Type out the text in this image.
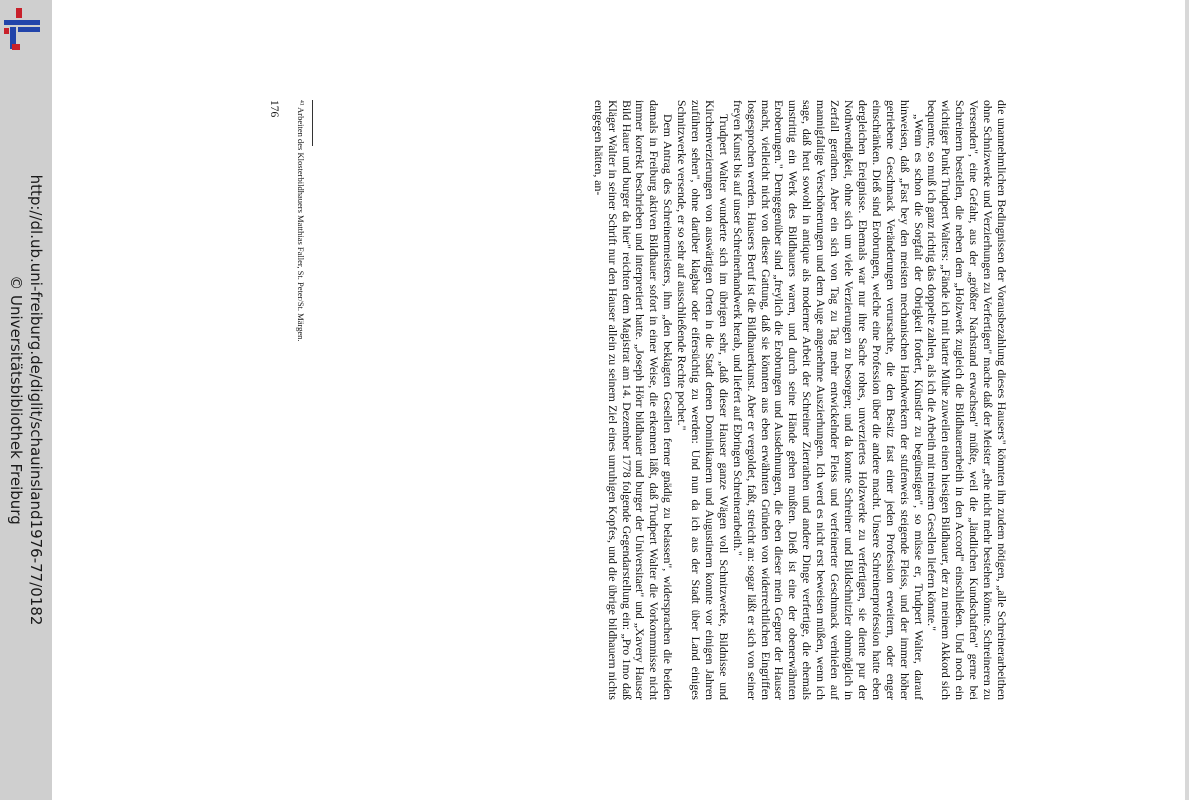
http://dl.ub.uni-freiburg.de/diglit/schauinsland1976-77/0182
© Universitätsbibliothek Freiburg	die unannehmlichen Bedingnissen der Vorausbezahlung dieses Hausers" könnten ihn zudem nötigen, „alle Schreinerarbeithen ohne Schnizwerke und Verzierhungen zu Verfertigen" mache daß der Meister „ehe nicht mehr bestehen könnte. Schreineren zu Versenden", eine Gefahr, aus der „größter Nachstand erwachsen" müßte, weil die „ländlichen Kundschaften" gerne bei Schreinern bestellen, die neben dem „Holzwerk zugleich die Bildhauerarbeith in den Accord" einschließen. Und noch ein wichtiger Punkt Trudpert Walters: „Fände ich mit harter Mühe zuweilen einen hiesigen Bildhauer, der zu meinem Akkord sich bequemte, so muß ich ganz richtig das doppelte zahlen, als ich die Arbeith mit meinem Gesellen liefern könnte."

„Wenn es schon die Sorgfalt der Obrigkeit fordert, Künstler zu begünstigen", so müsse er, Trudpert Walter, darauf hinweisen, daß „Fast bey den meisten mechanischen Handwerkern der stufenweis steigende Fleiss, und der immer höher getriebene Geschmack Veränderungen verursachte, die den Besitz fast einer jeden Profession erweitern, oder enger einschränken. Dieß sind Erobrungen, welche eine Profession über die andere macht. Unsere Schreinerprofession hatte eben dergleichen Ereignisse. Ehemals war nur ihre Sache rohes, unverziertes Holzwerke zu verfertigen, sie diente pur der Nothwendigkeit, ohne sich um viele Verzierungen zu besorgen; und da konnte Schreiner und Bildschnitzler ohnmöglich in Zerfall gerathen. Aber ein sich von Tag zu Tag mehr entwickelnder Fleiss und verfeinerter Geschmack verhielen auf mannigfaltige Verschönerungen und dem Auge angenehme Auszierhungen. Ich werd es nicht erst beweisen müßen, wenn ich sage, daß heut sowohl in antique als moderner Arbeit der Schreiner Zierrathen und andere Dinge verfertige, die ehemals unstrittig ein Werk des Bildhauers waren, und durch seine Hände gehen mußten. Dieß ist eine der obenerwähnten Eroberungen." Demgegenüber sind „freylich die Erobrungen und Ausdehnungen, die eben dieser mein Gegner der Hauser macht, vielleicht nicht von dieser Gattung, daß sie könnten aus eben erwähnten Gründen von widerrechtlichen Eingriffen losgesprochen werden. Hausers Beruf ist die Bildhauerkunst. Aber er vergoldet, faßt, streicht an: sogar läßt er sich von seiner freyen Kunst bis auf unser Schreinerhandwerk herab, und liefert auf Ebringen Schreinerarbeith."

Trudpert Walter wunderte sich im übrigen sehr, „daß dieser Hauser ganze Wägen voll Schnitzwerke, Bildnisse und Kirchenverzierungen von auswärtigen Orten in die Stadt denen Dominikanern und Augustinern konnte vor einigen Jahren zuführen sehen", ohne darüber klagbar oder eifersüchtig zu werden: Und nun da ich aus der Stadt über Land einiges Schnitzwerke versende, er so sehr auf ausschließende Rechte pochet."

Dem Antrag des Schreinermeisters, ihm „den beklagten Gesellen ferner gnädig zu belassen", widersprachen die beiden damals in Freiburg aktiven Bildhauer sofort in einer Weise, die erkennen läßt, daß Trudpert Walter die Vorkommnisse nicht immer korrekt beschrieben und interpretiert hatte. „Joseph Hörr bildhauer und burger der Universitaet" und „Xavery Hauser Bild Hauer und burger da hier" reichten dem Magistrat am 14. Dezember 1778 folgende Gegendarstellung ein: „Pro 1mo daß Kläger Walter in seiner Schrift nur den Hauser allein zu seinem Ziel eines unruhigen Kopfes, und die übrige bildhauern nichts entgegen hätten, an-

⁴¹ Arbeiten des Klosterbildhauers Matthias Faller, St. Peter/St. Märgen.
176
